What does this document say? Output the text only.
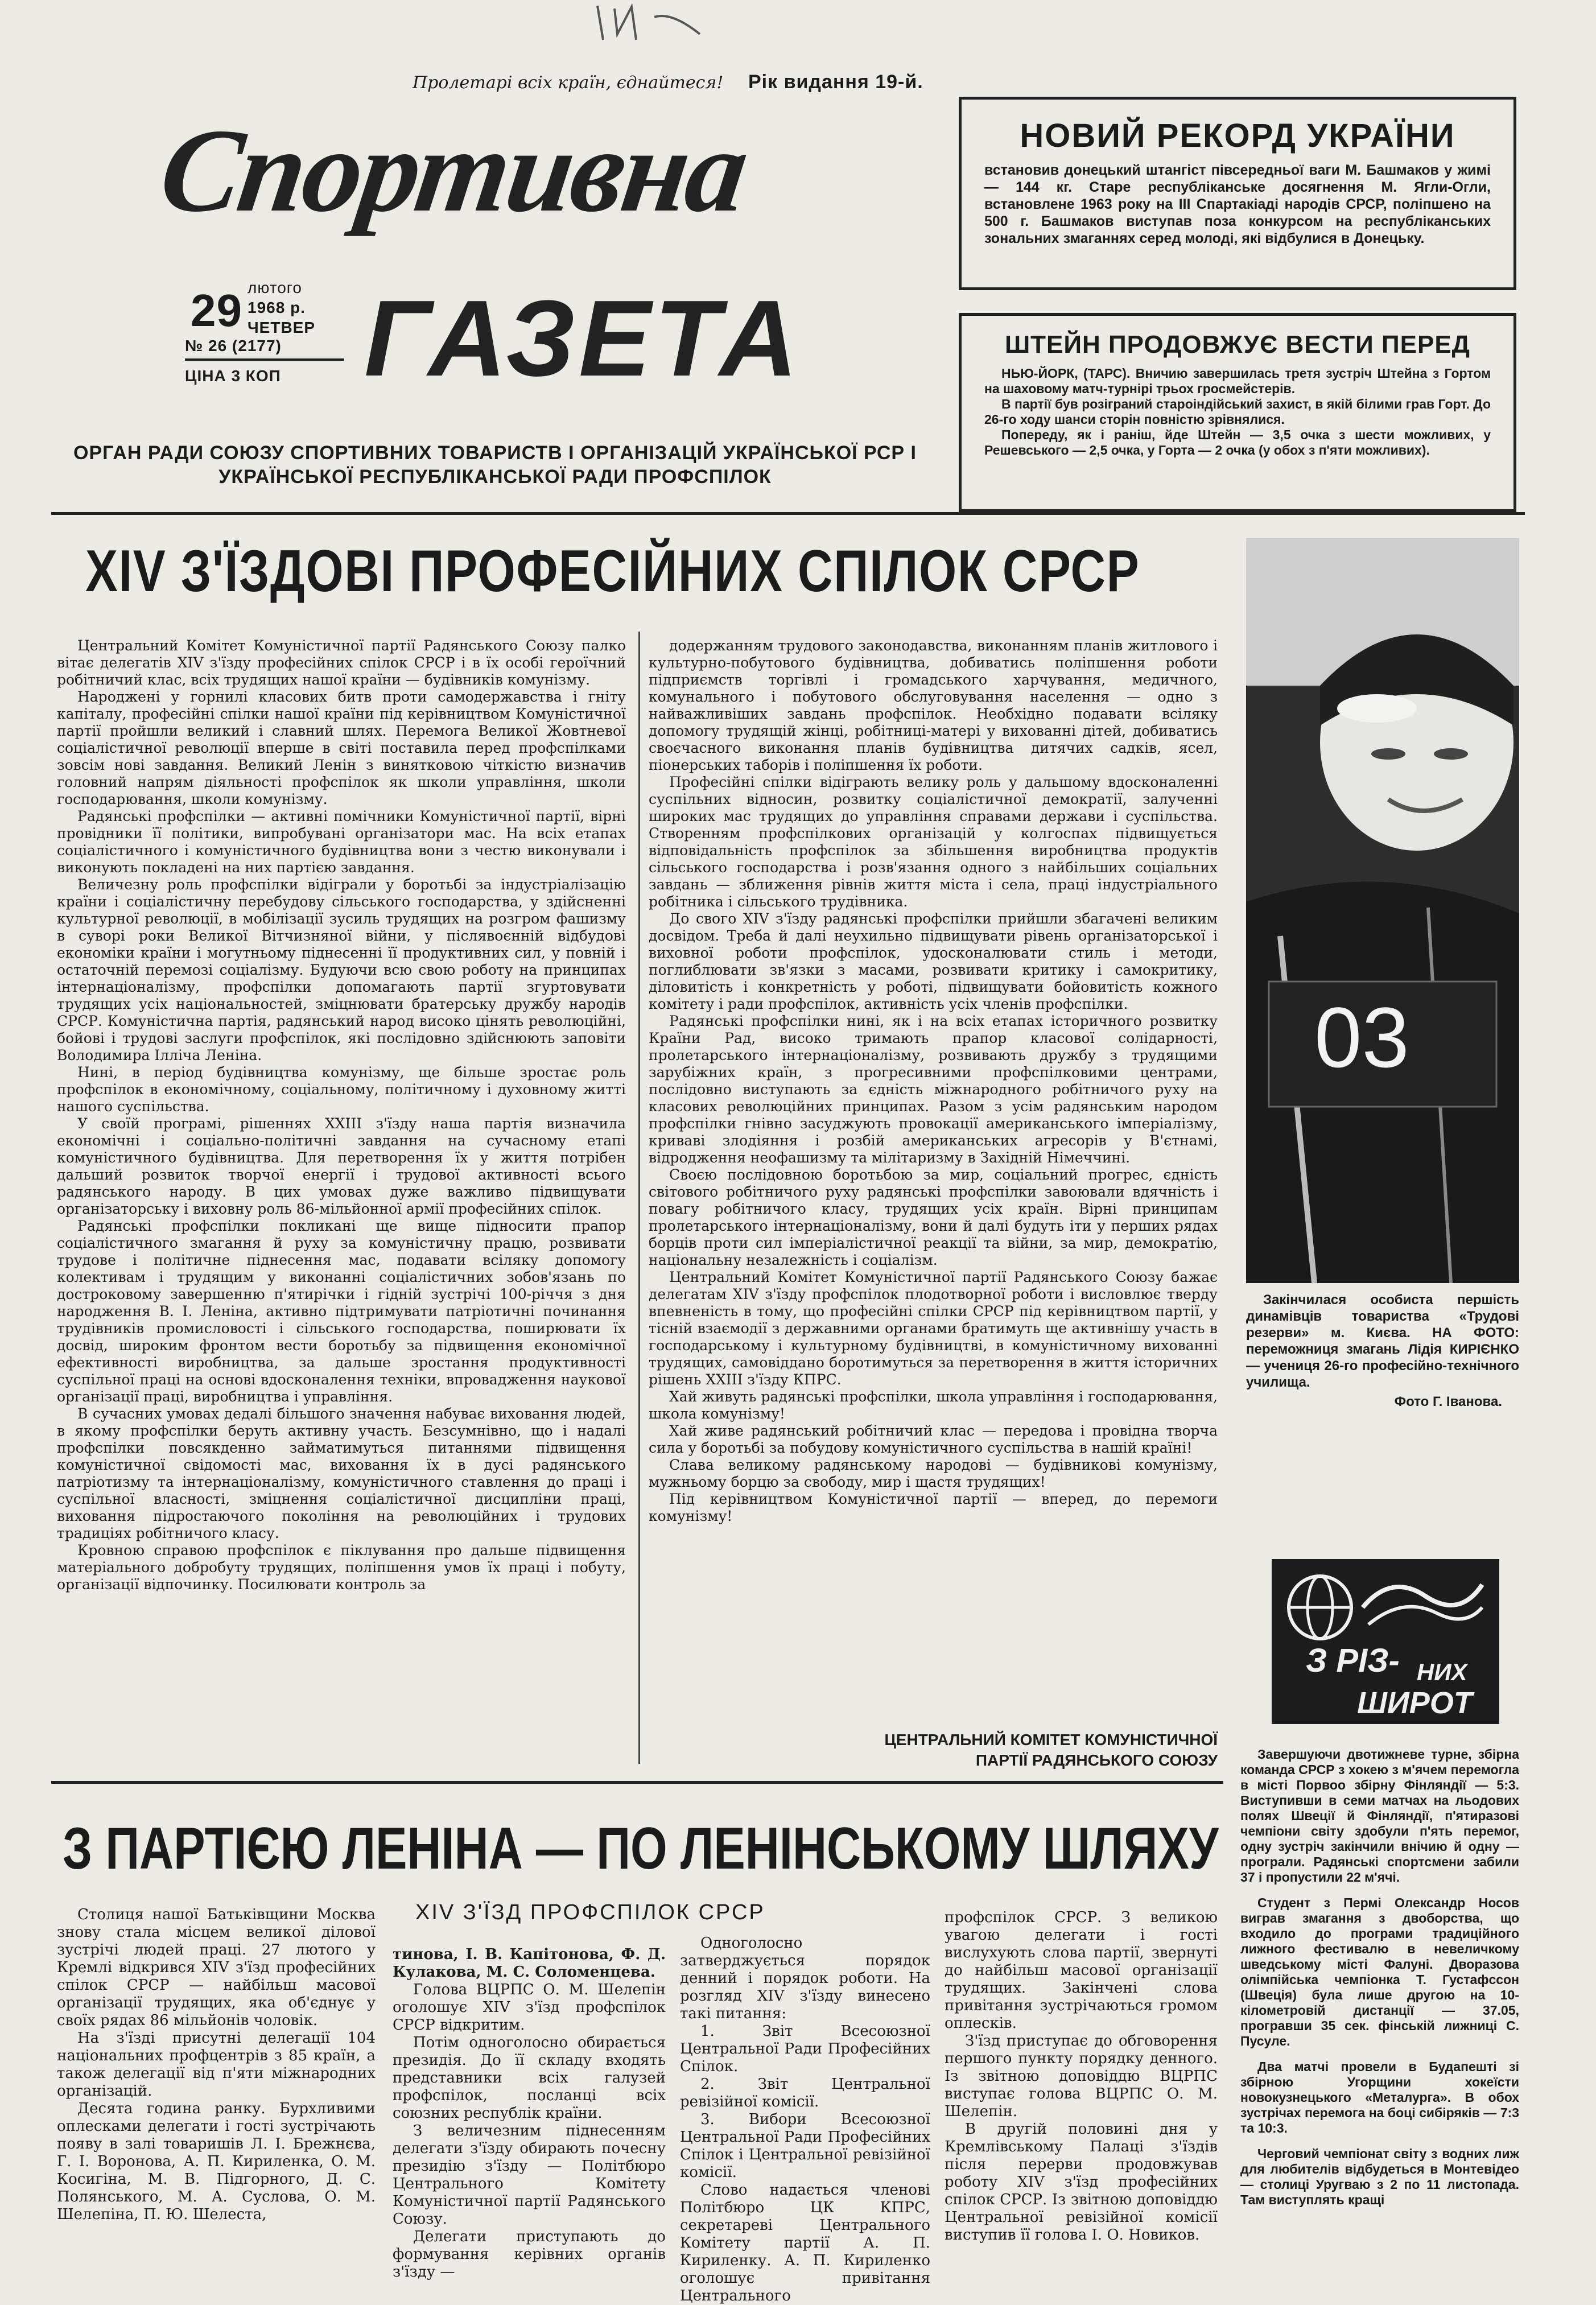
Пролетарі всіх країн, єднайтеся! Рік видання 19-й.
Спортивна
ГАЗЕТА
29 лютого
1968 р.
ЧЕТВЕР
№ 26 (2177)
ЦІНА 3 КОП
ОРГАН РАДИ СОЮЗУ СПОРТИВНИХ ТОВАРИСТВ І ОРГАНІЗАЦІЙ УКРАЇНСЬКОЇ РСР І УКРАЇНСЬКОЇ РЕСПУБЛІКАНСЬКОЇ РАДИ ПРОФСПІЛОК
НОВИЙ РЕКОРД УКРАЇНИ
встановив донецький штангіст півсередньої ваги М. Башмаков у жимі — 144 кг. Старе республіканське досягнення М. Ягли-Огли, встановлене 1963 року на III Спартакіаді народів СРСР, поліпшено на 500 г. Башмаков виступав поза конкурсом на республіканських зональних змаганнях серед молоді, які відбулися в Донецьку.
ШТЕЙН ПРОДОВЖУЄ ВЕСТИ ПЕРЕД
НЬЮ-ЙОРК, (ТАРС). Вничию завершилась третя зустріч Штейна з Гортом на шаховому матч-турнірі трьох гросмейстерів.
В партії був розіграний староіндійський захист, в якій білими грав Горт. До 26-го ходу шанси сторін повністю зрівнялися.
Попереду, як і раніш, йде Штейн — 3,5 очка з шести можливих, у Решевського — 2,5 очка, у Горта — 2 очка (у обох з п'яти можливих).
XIV З'ЇЗДОВІ ПРОФЕСІЙНИХ СПІЛОК СРСР

Центральний Комітет Комуністичної партії Радянського Союзу палко вітає делегатів XIV з'їзду професійних спілок СРСР і в їх особі героїчний робітничий клас, всіх трудящих нашої країни — будівників комунізму.

Народжені у горнилі класових битв проти самодержавства і гніту капіталу, професійні спілки нашої країни під керівництвом Комуністичної партії пройшли великий і славний шлях. Перемога Великої Жовтневої соціалістичної революції вперше в світі поставила перед профспілками зовсім нові завдання. Великий Ленін з винятковою чіткістю визначив головний напрям діяльності профспілок як школи управління, школи господарювання, школи комунізму.

Радянські профспілки — активні помічники Комуністичної партії, вірні провідники її політики, випробувані організатори мас. На всіх етапах соціалістичного і комуністичного будівництва вони з честю виконували і виконують покладені на них партією завдання.

Величезну роль профспілки відіграли у боротьбі за індустріалізацію країни і соціалістичну перебудову сільського господарства, у здійсненні культурної революції, в мобілізації зусиль трудящих на розгром фашизму в суворі роки Великої Вітчизняної війни, у післявоєнній відбудові економіки країни і могутньому піднесенні її продуктивних сил, у повній і остаточній перемозі соціалізму. Будуючи всю свою роботу на принципах інтернаціоналізму, профспілки допомагають партії згуртовувати трудящих усіх національностей, зміцнювати братерську дружбу народів СРСР. Комуністична партія, радянський народ високо цінять революційні, бойові і трудові заслуги профспілок, які послідовно здійснюють заповіти Володимира Ілліча Леніна.

Нині, в період будівництва комунізму, ще більше зростає роль профспілок в економічному, соціальному, політичному і духовному житті нашого суспільства.

У своїй програмі, рішеннях XXIII з'їзду наша партія визначила економічні і соціально-політичні завдання на сучасному етапі комуністичного будівництва. Для перетворення їх у життя потрібен дальший розвиток творчої енергії і трудової активності всього радянського народу. В цих умовах дуже важливо підвищувати організаторську і виховну роль 86-мільйонної армії професійних спілок.

Радянські профспілки покликані ще вище підносити прапор соціалістичного змагання й руху за комуністичну працю, розвивати трудове і політичне піднесення мас, подавати всіляку допомогу колективам і трудящим у виконанні соціалістичних зобов'язань по достроковому завершенню п'ятирічки і гідній зустрічі 100-річчя з дня народження В. І. Леніна, активно підтримувати патріотичні починання трудівників промисловості і сільського господарства, поширювати їх досвід, широким фронтом вести боротьбу за підвищення економічної ефективності виробництва, за дальше зростання продуктивності суспільної праці на основі вдосконалення техніки, впровадження наукової організації праці, виробництва і управління.

В сучасних умовах дедалі більшого значення набуває виховання людей, в якому профспілки беруть активну участь. Безсумнівно, що і надалі профспілки повсякденно займатимуться питаннями підвищення комуністичної свідомості мас, виховання їх в дусі радянського патріотизму та інтернаціоналізму, комуністичного ставлення до праці і суспільної власності, зміцнення соціалістичної дисципліни праці, виховання підростаючого покоління на революційних і трудових традиціях робітничого класу.

Кровною справою профспілок є піклування про дальше підвищення матеріального добробуту трудящих, поліпшення умов їх праці і побуту, організації відпочинку. Посилювати контроль за

додержанням трудового законодавства, виконанням планів житлового і культурно-побутового будівництва, добиватись поліпшення роботи підприємств торгівлі і громадського харчування, медичного, комунального і побутового обслуговування населення — одно з найважливіших завдань профспілок. Необхідно подавати всіляку допомогу трудящій жінці, робітниці-матері у вихованні дітей, добиватись своєчасного виконання планів будівництва дитячих садків, ясел, піонерських таборів і поліпшення їх роботи.

Професійні спілки відіграють велику роль у дальшому вдосконаленні суспільних відносин, розвитку соціалістичної демократії, залученні широких мас трудящих до управління справами держави і суспільства. Створенням профспілкових організацій у колгоспах підвищується відповідальність профспілок за збільшення виробництва продуктів сільського господарства і розв'язання одного з найбільших соціальних завдань — зближення рівнів життя міста і села, праці індустріального робітника і сільського трудівника.

До свого XIV з'їзду радянські профспілки прийшли збагачені великим досвідом. Треба й далі неухильно підвищувати рівень організаторської і виховної роботи профспілок, удосконалювати стиль і методи, поглиблювати зв'язки з масами, розвивати критику і самокритику, діловитість і конкретність у роботі, підвищувати бойовитість кожного комітету і ради профспілок, активність усіх членів профспілки.

Радянські профспілки нині, як і на всіх етапах історичного розвитку Країни Рад, високо тримають прапор класової солідарності, пролетарського інтернаціоналізму, розвивають дружбу з трудящими зарубіжних країн, з прогресивними профспілковими центрами, послідовно виступають за єдність міжнародного робітничого руху на класових революційних принципах. Разом з усім радянським народом профспілки гнівно засуджують провокації американського імперіалізму, криваві злодіяння і розбій американських агресорів у В'єтнамі, відродження неофашизму та мілітаризму в Західній Німеччині.

Своєю послідовною боротьбою за мир, соціальний прогрес, єдність світового робітничого руху радянські профспілки завоювали вдячність і повагу робітничого класу, трудящих усіх країн. Вірні принципам пролетарського інтернаціоналізму, вони й далі будуть іти у перших рядах борців проти сил імперіалістичної реакції та війни, за мир, демократію, національну незалежність і соціалізм.

Центральний Комітет Комуністичної партії Радянського Союзу бажає делегатам XIV з'їзду профспілок плодотворної роботи і висловлює тверду впевненість в тому, що професійні спілки СРСР під керівництвом партії, у тісній взаємодії з державними органами братимуть ще активнішу участь в господарському і культурному будівництві, в комуністичному вихованні трудящих, самовіддано боротимуться за перетворення в життя історичних рішень XXIII з'їзду КПРС.

Хай живуть радянські профспілки, школа управління і господарювання, школа комунізму!

Хай живе радянський робітничий клас — передова і провідна творча сила у боротьбі за побудову комуністичного суспільства в нашій країні!

Слава великому радянському народові — будівникові комунізму, мужньому борцю за свободу, мир і щастя трудящих!

Під керівництвом Комуністичної партії — вперед, до перемоги комунізму!

ЦЕНТРАЛЬНИЙ КОМІТЕТ КОМУНІСТИЧНОЇ
ПАРТІЇ РАДЯНСЬКОГО СОЮЗУ
03
Закінчилася особиста першість динамівців товариства «Трудові резерви» м. Києва. НА ФОТО: переможниця змагань Лідія КИРІЄНКО — учениця 26-го професійно-технічного училища.
Фото Г. Іванова.
З РІЗ- НИХ
ШИРОТ

Завершуючи двотижневе турне, збірна команда СРСР з хокею з м'ячем перемогла в місті Порвоо збірну Фінляндії — 5:3. Виступивши в семи матчах на льодових полях Швеції й Фінляндії, п'ятиразові чемпіони світу здобули п'ять перемог, одну зустріч закінчили внічию й одну — програли. Радянські спортсмени забили 37 і пропустили 22 м'ячі.

Студент з Пермі Олександр Носов виграв змагання з двоборства, що входило до програми традиційного лижного фестивалю в невеличкому шведському місті Фалуні. Дворазова олімпійська чемпіонка Т. Густафссон (Швеція) була лише другою на 10-кілометровій дистанції — 37.05, програвши 35 сек. фінській лижниці С. Пусуле.

Два матчі провели в Будапешті зі збірною Угорщини хокеїсти новокузнецького «Металурга». В обох зустрічах перемога на боці сибіряків — 7:3 та 10:3.

Черговий чемпіонат світу з водних лиж для любителів відбудеться в Монтевідео — столиці Уругваю з 2 по 11 листопада. Там виступлять кращі

З ПАРТІЄЮ ЛЕНІНА — ПО ЛЕНІНСЬКОМУ ШЛЯХУ
XIV З'ЇЗД ПРОФСПІЛОК СРСР

Столиця нашої Батьківщини Москва знову стала місцем великої ділової зустрічі людей праці. 27 лютого у Кремлі відкрився XIV з'їзд професійних спілок СРСР — найбільш масової організації трудящих, яка об'єднує у своїх рядах 86 мільйонів чоловік.

На з'їзді присутні делегації 104 національних профцентрів з 85 країн, а також делегації від п'яти міжнародних організацій.

Десята година ранку. Бурхливими оплесками делегати і гості зустрічають появу в залі товаришів Л. І. Брежнєва, Г. І. Воронова, А. П. Кириленка, О. М. Косигіна, М. В. Підгорного, Д. С. Полянського, М. А. Суслова, О. М. Шелепіна, П. Ю. Шелеста,

тинова, І. В. Капітонова, Ф. Д. Кулакова, М. С. Соломенцева.

Голова ВЦРПС О. М. Шелепін оголошує XIV з'їзд профспілок СРСР відкритим.

Потім одноголосно обирається президія. До її складу входять представники всіх галузей профспілок, посланці всіх союзних республік країни.

З величезним піднесенням делегати з'їзду обирають почесну президію з'їзду — Політбюро Центрального Комітету Комуністичної партії Радянського Союзу.

Делегати приступають до формування керівних органів з'їзду —

Одноголосно затверджується порядок денний і порядок роботи. На розгляд XIV з'їзду винесено такі питання:

1. Звіт Всесоюзної Центральної Ради Професійних Спілок.

2. Звіт Центральної ревізійної комісії.

3. Вибори Всесоюзної Центральної Ради Професійних Спілок і Центральної ревізійної комісії.

Слово надається членові Політбюро ЦК КПРС, секретареві Центрального Комітету партії А. П. Кириленку. А. П. Кириленко оголошує привітання Центрального

профспілок СРСР. З великою увагою делегати і гості вислухують слова партії, звернуті до найбільш масової організації трудящих. Закінчені слова привітання зустрічаються громом оплесків.

З'їзд приступає до обговорення першого пункту порядку денного. Із звітною доповіддю ВЦРПС виступає голова ВЦРПС О. М. Шелепін.

В другій половині дня у Кремлівському Палаці з'їздів після перерви продовжував роботу XIV з'їзд професійних спілок СРСР. Із звітною доповіддю Центральної ревізійної комісії виступив її голова І. О. Новиков.
